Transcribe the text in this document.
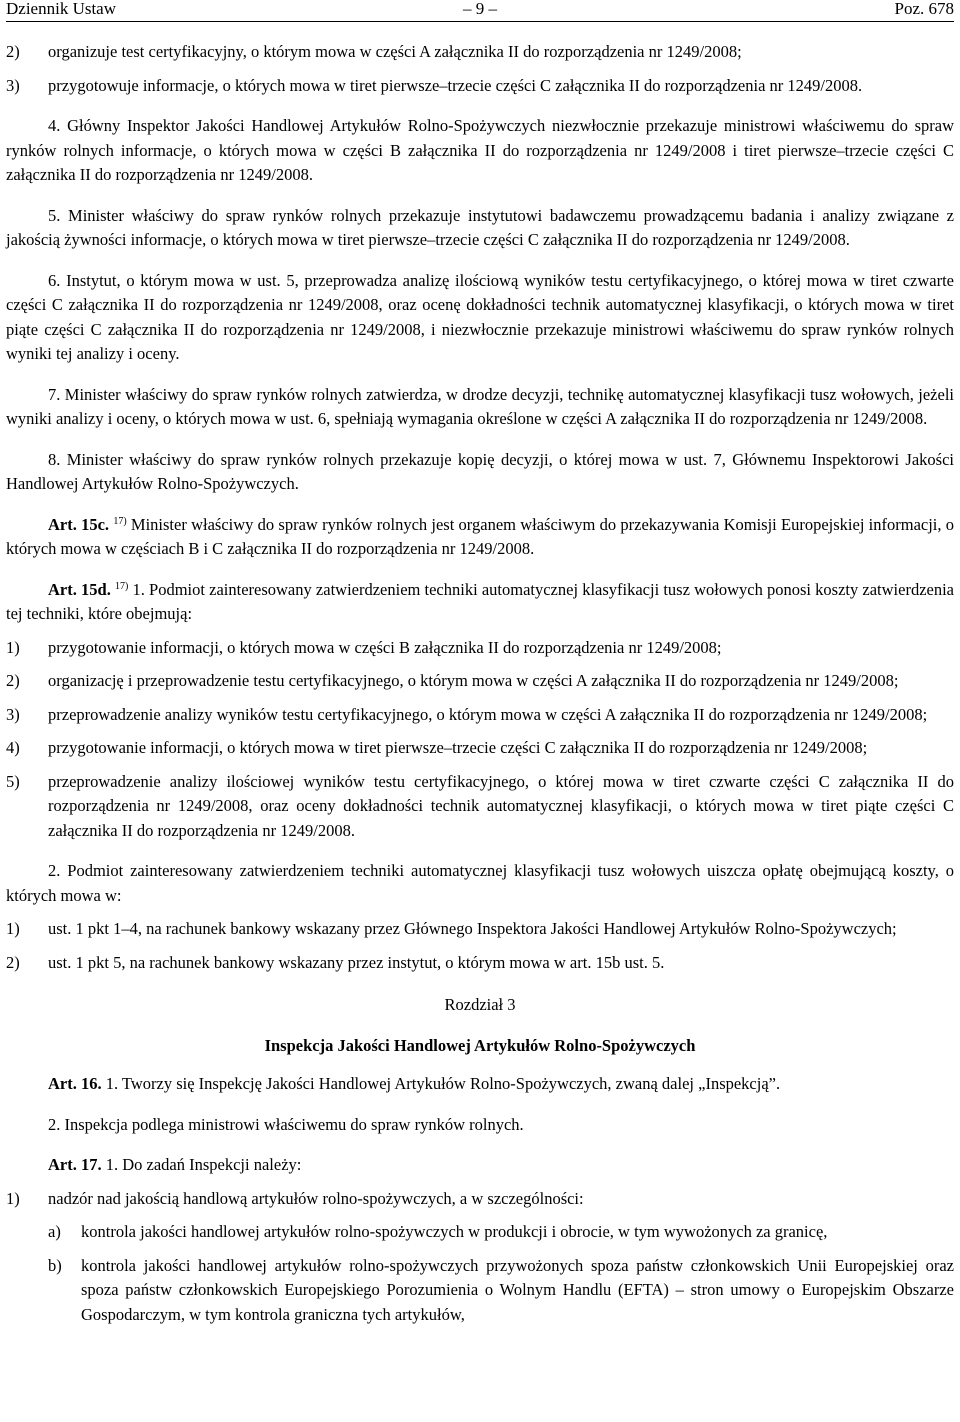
Dziennik Ustaw	– 9 –	Poz. 678

2) organizuje test certyfikacyjny, o którym mowa w części A załącznika II do rozporządzenia nr 1249/2008;

3) przygotowuje informacje, o których mowa w tiret pierwsze–trzecie części C załącznika II do rozporządzenia nr 1249/2008.

4. Główny Inspektor Jakości Handlowej Artykułów Rolno-Spożywczych niezwłocznie przekazuje ministrowi właściwemu do spraw rynków rolnych informacje, o których mowa w części B załącznika II do rozporządzenia nr 1249/2008 i tiret pierwsze–trzecie części C załącznika II do rozporządzenia nr 1249/2008.

5. Minister właściwy do spraw rynków rolnych przekazuje instytutowi badawczemu prowadzącemu badania i analizy związane z jakością żywności informacje, o których mowa w tiret pierwsze–trzecie części C załącznika II do rozporządzenia nr 1249/2008.

6. Instytut, o którym mowa w ust. 5, przeprowadza analizę ilościową wyników testu certyfikacyjnego, o której mowa w tiret czwarte części C załącznika II do rozporządzenia nr 1249/2008, oraz ocenę dokładności technik automatycznej klasyfikacji, o których mowa w tiret piąte części C załącznika II do rozporządzenia nr 1249/2008, i niezwłocznie przekazuje ministrowi właściwemu do spraw rynków rolnych wyniki tej analizy i oceny.

7. Minister właściwy do spraw rynków rolnych zatwierdza, w drodze decyzji, technikę automatycznej klasyfikacji tusz wołowych, jeżeli wyniki analizy i oceny, o których mowa w ust. 6, spełniają wymagania określone w części A załącznika II do rozporządzenia nr 1249/2008.

8. Minister właściwy do spraw rynków rolnych przekazuje kopię decyzji, o której mowa w ust. 7, Głównemu Inspektorowi Jakości Handlowej Artykułów Rolno-Spożywczych.

Art. 15c. $^{17)}$ Minister właściwy do spraw rynków rolnych jest organem właściwym do przekazywania Komisji Europejskiej informacji, o których mowa w częściach B i C załącznika II do rozporządzenia nr 1249/2008.

Art. 15d. $^{17)}$ 1. Podmiot zainteresowany zatwierdzeniem techniki automatycznej klasyfikacji tusz wołowych ponosi koszty zatwierdzenia tej techniki, które obejmują:

1) przygotowanie informacji, o których mowa w części B załącznika II do rozporządzenia nr 1249/2008;

2) organizację i przeprowadzenie testu certyfikacyjnego, o którym mowa w części A załącznika II do rozporządzenia nr 1249/2008;

3) przeprowadzenie analizy wyników testu certyfikacyjnego, o którym mowa w części A załącznika II do rozporządzenia nr 1249/2008;

4) przygotowanie informacji, o których mowa w tiret pierwsze–trzecie części C załącznika II do rozporządzenia nr 1249/2008;

5) przeprowadzenie analizy ilościowej wyników testu certyfikacyjnego, o której mowa w tiret czwarte części C załącznika II do rozporządzenia nr 1249/2008, oraz oceny dokładności technik automatycznej klasyfikacji, o których mowa w tiret piąte części C załącznika II do rozporządzenia nr 1249/2008.

2. Podmiot zainteresowany zatwierdzeniem techniki automatycznej klasyfikacji tusz wołowych uiszcza opłatę obejmującą koszty, o których mowa w:

1) ust. 1 pkt 1–4, na rachunek bankowy wskazany przez Głównego Inspektora Jakości Handlowej Artykułów Rolno-Spożywczych;

2) ust. 1 pkt 5, na rachunek bankowy wskazany przez instytut, o którym mowa w art. 15b ust. 5.

Rozdział 3

Inspekcja Jakości Handlowej Artykułów Rolno-Spożywczych

Art. 16. 1. Tworzy się Inspekcję Jakości Handlowej Artykułów Rolno-Spożywczych, zwaną dalej „Inspekcją”.

2. Inspekcja podlega ministrowi właściwemu do spraw rynków rolnych.

Art. 17. 1. Do zadań Inspekcji należy:

1) nadzór nad jakością handlową artykułów rolno-spożywczych, a w szczególności:

a) kontrola jakości handlowej artykułów rolno-spożywczych w produkcji i obrocie, w tym wywożonych za granicę,

b) kontrola jakości handlowej artykułów rolno-spożywczych przywożonych spoza państw członkowskich Unii Europejskiej oraz spoza państw członkowskich Europejskiego Porozumienia o Wolnym Handlu (EFTA) – stron umowy o Europejskim Obszarze Gospodarczym, w tym kontrola graniczna tych artykułów,
